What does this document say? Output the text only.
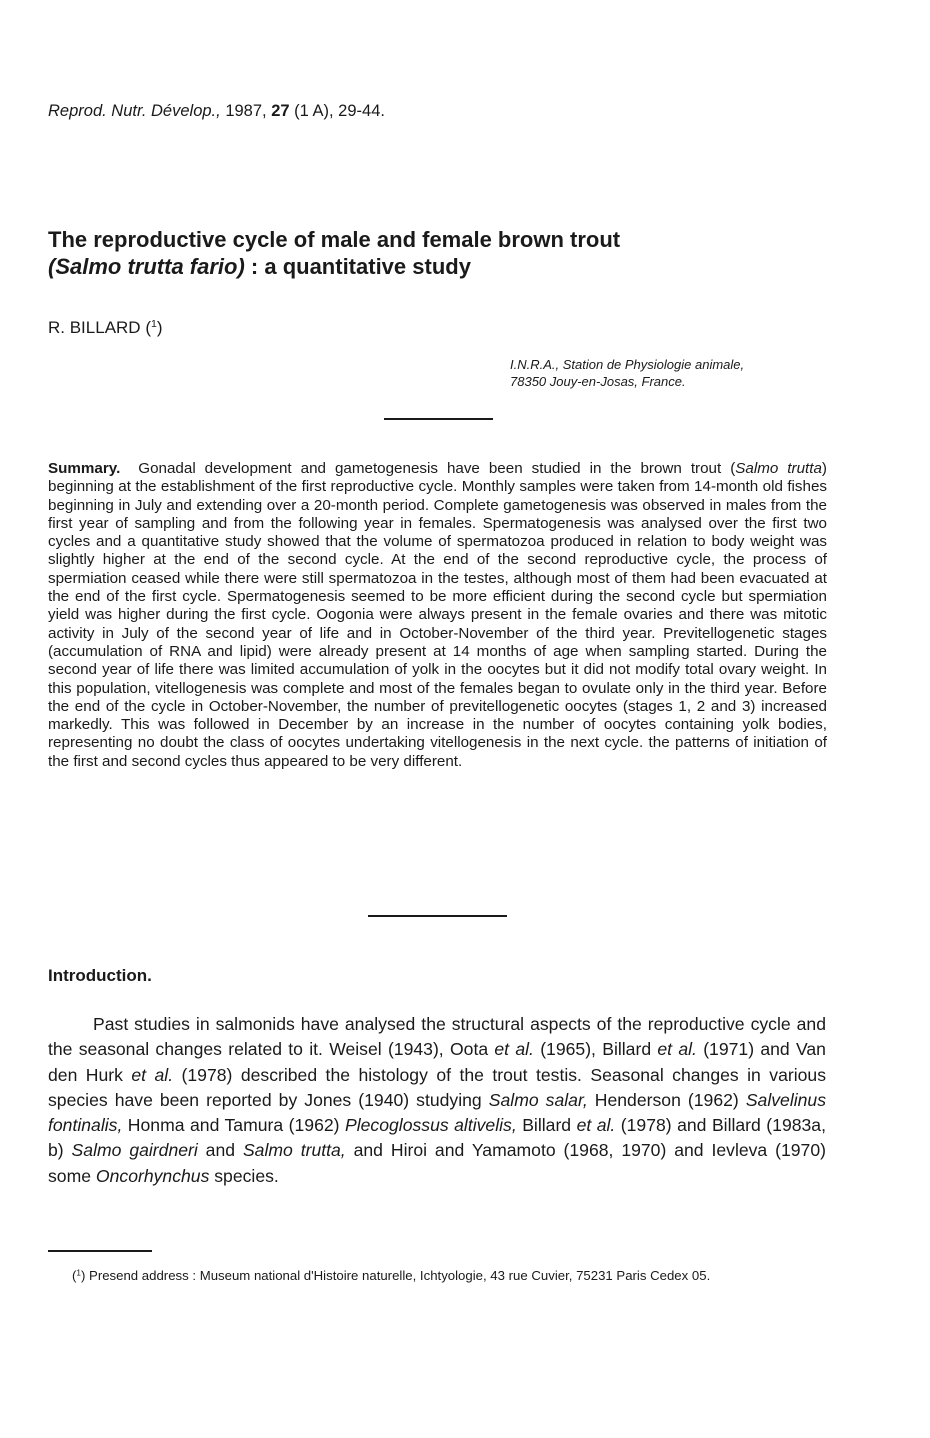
Reprod. Nutr. Dévelop., 1987, 27 (1 A), 29-44.
The reproductive cycle of male and female brown trout
(Salmo trutta fario) : a quantitative study
R. BILLARD ($^1$)
I.N.R.A., Station de Physiologie animale,
78350 Jouy-en-Josas, France.
Summary. Gonadal development and gametogenesis have been studied in the brown trout (Salmo trutta) beginning at the establishment of the first reproductive cycle. Monthly samples were taken from 14-month old fishes beginning in July and extending over a 20-month period. Complete gametogenesis was observed in males from the first year of sampling and from the following year in females. Spermatogenesis was analysed over the first two cycles and a quantitative study showed that the volume of spermatozoa produced in relation to body weight was slightly higher at the end of the second cycle. At the end of the second reproductive cycle, the process of spermiation ceased while there were still spermatozoa in the testes, although most of them had been evacuated at the end of the first cycle. Spermatogenesis seemed to be more efficient during the second cycle but spermiation yield was higher during the first cycle. Oogonia were always present in the female ovaries and there was mitotic activity in July of the second year of life and in October-November of the third year. Previtellogenetic stages (accumulation of RNA and lipid) were already present at 14 months of age when sampling started. During the second year of life there was limited accumulation of yolk in the oocytes but it did not modify total ovary weight. In this population, vitellogenesis was complete and most of the females began to ovulate only in the third year. Before the end of the cycle in October-November, the number of previtellogenetic oocytes (stages 1, 2 and 3) increased markedly. This was followed in December by an increase in the number of oocytes containing yolk bodies, representing no doubt the class of oocytes undertaking vitellogenesis in the next cycle. the patterns of initiation of the first and second cycles thus appeared to be very different.
Introduction.
Past studies in salmonids have analysed the structural aspects of the reproductive cycle and the seasonal changes related to it. Weisel (1943), Oota et al. (1965), Billard et al. (1971) and Van den Hurk et al. (1978) described the histology of the trout testis. Seasonal changes in various species have been reported by Jones (1940) studying Salmo salar, Henderson (1962) Salvelinus fontinalis, Honma and Tamura (1962) Plecoglossus altivelis, Billard et al. (1978) and Billard (1983a, b) Salmo gairdneri and Salmo trutta, and Hiroi and Yamamoto (1968, 1970) and Ievleva (1970) some Oncorhynchus species.
($^1$) Presend address : Museum national d'Histoire naturelle, Ichtyologie, 43 rue Cuvier, 75231 Paris Cedex 05.
